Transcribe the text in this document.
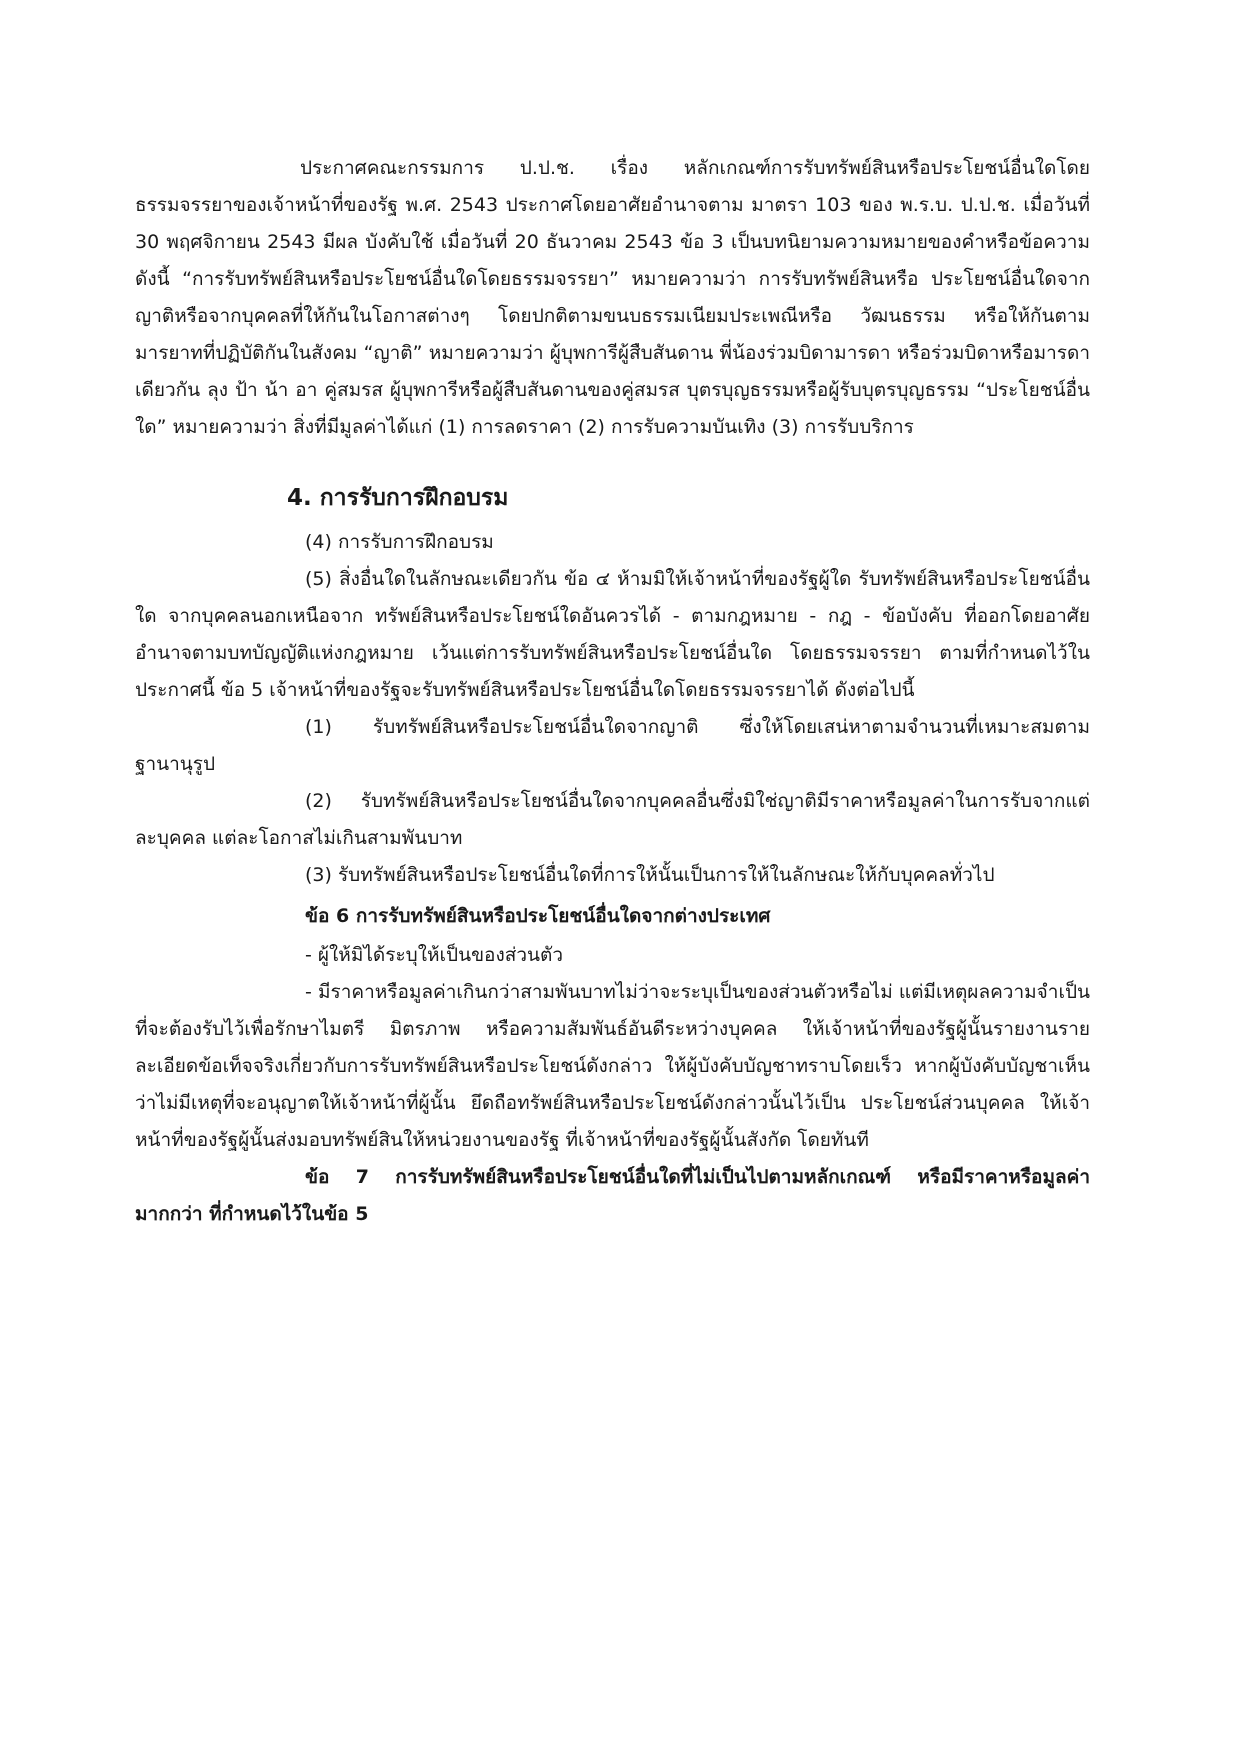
ประกาศคณะกรรมการ ป.ป.ช. เรื่อง หลักเกณฑ์การรับทรัพย์สินหรือประโยชน์อื่นใดโดยธรรมจรรยาของเจ้าหน้าที่ของรัฐ พ.ศ. 2543 ประกาศโดยอาศัยอำนาจตาม มาตรา 103 ของ พ.ร.บ. ป.ป.ช. เมื่อวันที่ 30 พฤศจิกายน 2543 มีผล บังคับใช้ เมื่อวันที่ 20 ธันวาคม 2543 ข้อ 3 เป็นบทนิยามความหมายของคำหรือข้อความ ดังนี้ “การรับทรัพย์สินหรือประโยชน์อื่นใดโดยธรรมจรรยา” หมายความว่า การรับทรัพย์สินหรือ ประโยชน์อื่นใดจากญาติหรือจากบุคคลที่ให้กันในโอกาสต่างๆ โดยปกติตามขนบธรรมเนียมประเพณีหรือ วัฒนธรรม หรือให้กันตามมารยาทที่ปฏิบัติกันในสังคม “ญาติ” หมายความว่า ผู้บุพการีผู้สืบสันดาน พี่น้องร่วมบิดามารดา หรือร่วมบิดาหรือมารดา เดียวกัน ลุง ป้า น้า อา คู่สมรส ผู้บุพการีหรือผู้สืบสันดานของคู่สมรส บุตรบุญธรรมหรือผู้รับบุตรบุญธรรม “ประโยชน์อื่นใด” หมายความว่า สิ่งที่มีมูลค่าได้แก่ (1) การลดราคา (2) การรับความบันเทิง (3) การรับบริการ

4. การรับการฝึกอบรม

(4) การรับการฝึกอบรม

(5) สิ่งอื่นใดในลักษณะเดียวกัน ข้อ ๔ ห้ามมิให้เจ้าหน้าที่ของรัฐผู้ใด รับทรัพย์สินหรือประโยชน์อื่นใด จากบุคคลนอกเหนือจาก ทรัพย์สินหรือประโยชน์ใดอันควรได้ - ตามกฎหมาย - กฎ - ข้อบังคับ ที่ออกโดยอาศัยอำนาจตามบทบัญญัติแห่งกฎหมาย เว้นแต่การรับทรัพย์สินหรือประโยชน์อื่นใด โดยธรรมจรรยา ตามที่กำหนดไว้ในประกาศนี้ ข้อ 5 เจ้าหน้าที่ของรัฐจะรับทรัพย์สินหรือประโยชน์อื่นใดโดยธรรมจรรยาได้ ดังต่อไปนี้

(1) รับทรัพย์สินหรือประโยชน์อื่นใดจากญาติ ซึ่งให้โดยเสน่หาตามจำนวนที่เหมาะสมตามฐานานุรูป

(2) รับทรัพย์สินหรือประโยชน์อื่นใดจากบุคคลอื่นซึ่งมิใช่ญาติมีราคาหรือมูลค่าในการรับจากแต่ ละบุคคล แต่ละโอกาสไม่เกินสามพันบาท

(3) รับทรัพย์สินหรือประโยชน์อื่นใดที่การให้นั้นเป็นการให้ในลักษณะให้กับบุคคลทั่วไป

ข้อ 6 การรับทรัพย์สินหรือประโยชน์อื่นใดจากต่างประเทศ

- ผู้ให้มิได้ระบุให้เป็นของส่วนตัว

- มีราคาหรือมูลค่าเกินกว่าสามพันบาทไม่ว่าจะระบุเป็นของส่วนตัวหรือไม่ แต่มีเหตุผลความจำเป็นที่จะต้องรับไว้เพื่อรักษาไมตรี มิตรภาพ หรือความสัมพันธ์อันดีระหว่างบุคคล ให้เจ้าหน้าที่ของรัฐผู้นั้นรายงานรายละเอียดข้อเท็จจริงเกี่ยวกับการรับทรัพย์สินหรือประโยชน์ดังกล่าว ให้ผู้บังคับบัญชาทราบโดยเร็ว หากผู้บังคับบัญชาเห็นว่าไม่มีเหตุที่จะอนุญาตให้เจ้าหน้าที่ผู้นั้น ยึดถือทรัพย์สินหรือประโยชน์ดังกล่าวนั้นไว้เป็น ประโยชน์ส่วนบุคคล ให้เจ้าหน้าที่ของรัฐผู้นั้นส่งมอบทรัพย์สินให้หน่วยงานของรัฐ ที่เจ้าหน้าที่ของรัฐผู้นั้นสังกัด โดยทันที

ข้อ 7 การรับทรัพย์สินหรือประโยชน์อื่นใดที่ไม่เป็นไปตามหลักเกณฑ์ หรือมีราคาหรือมูลค่ามากกว่า ที่กำหนดไว้ในข้อ 5
